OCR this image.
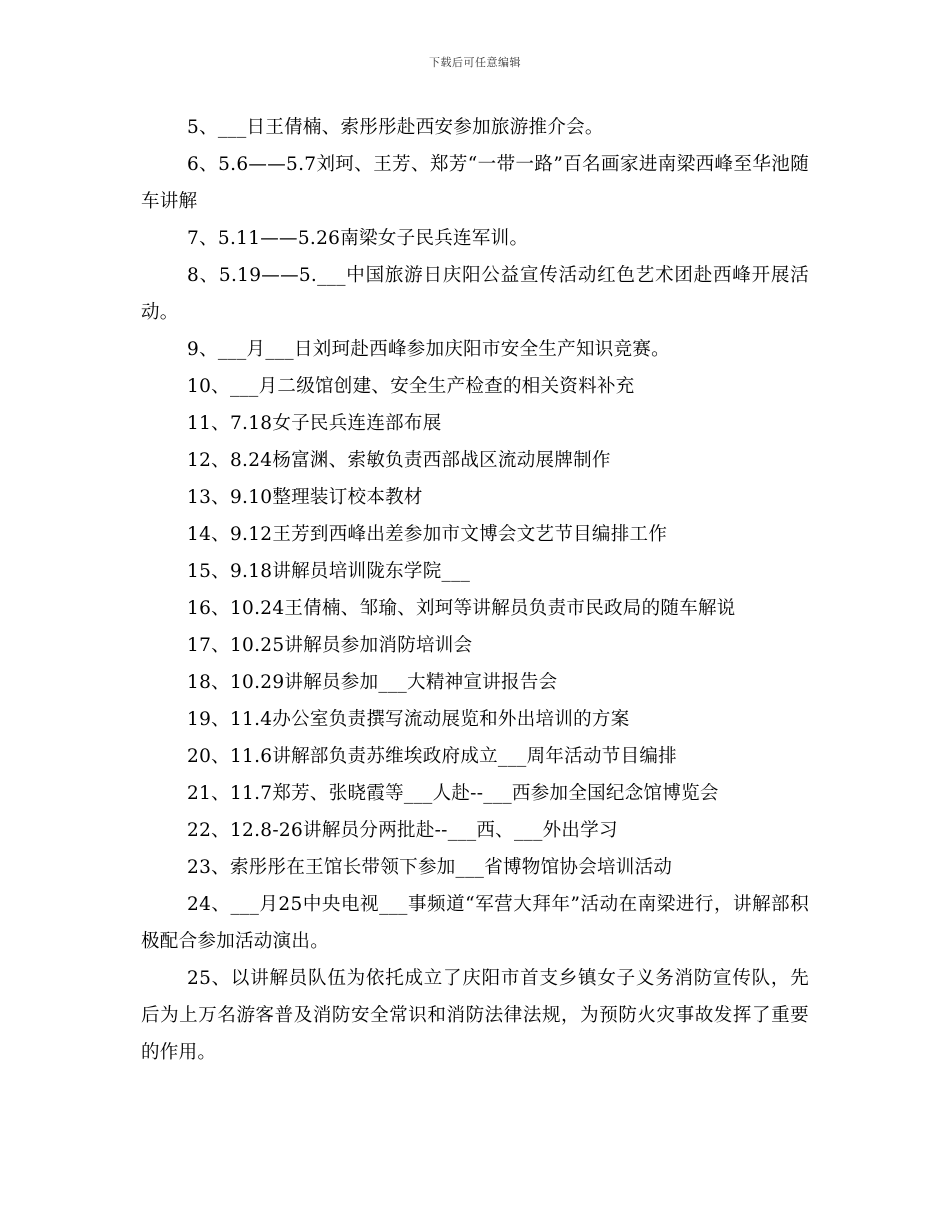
下载后可任意编辑

5、___日王倩楠、索彤彤赴西安参加旅游推介会。

6、5.6——5.7刘珂、王芳、郑芳“一带一路”百名画家进南梁西峰至华池随车讲解

7、5.11——5.26南梁女子民兵连军训。

8、5.19——5.___中国旅游日庆阳公益宣传活动红色艺术团赴西峰开展活动。

9、___月___日刘珂赴西峰参加庆阳市安全生产知识竞赛。

10、___月二级馆创建、安全生产检查的相关资料补充

11、7.18女子民兵连连部布展

12、8.24杨富渊、索敏负责西部战区流动展牌制作

13、9.10整理装订校本教材

14、9.12王芳到西峰出差参加市文博会文艺节目编排工作

15、9.18讲解员培训陇东学院___

16、10.24王倩楠、邹瑜、刘珂等讲解员负责市民政局的随车解说

17、10.25讲解员参加消防培训会

18、10.29讲解员参加___大精神宣讲报告会

19、11.4办公室负责撰写流动展览和外出培训的方案

20、11.6讲解部负责苏维埃政府成立___周年活动节目编排

21、11.7郑芳、张晓霞等___人赴--___西参加全国纪念馆博览会

22、12.8-26讲解员分两批赴--___西、___外出学习

23、索彤彤在王馆长带领下参加___省博物馆协会培训活动

24、___月25中央电视___事频道“军营大拜年”活动在南梁进行，讲解部积极配合参加活动演出。

25、以讲解员队伍为依托成立了庆阳市首支乡镇女子义务消防宣传队，先后为上万名游客普及消防安全常识和消防法律法规，为预防火灾事故发挥了重要的作用。
